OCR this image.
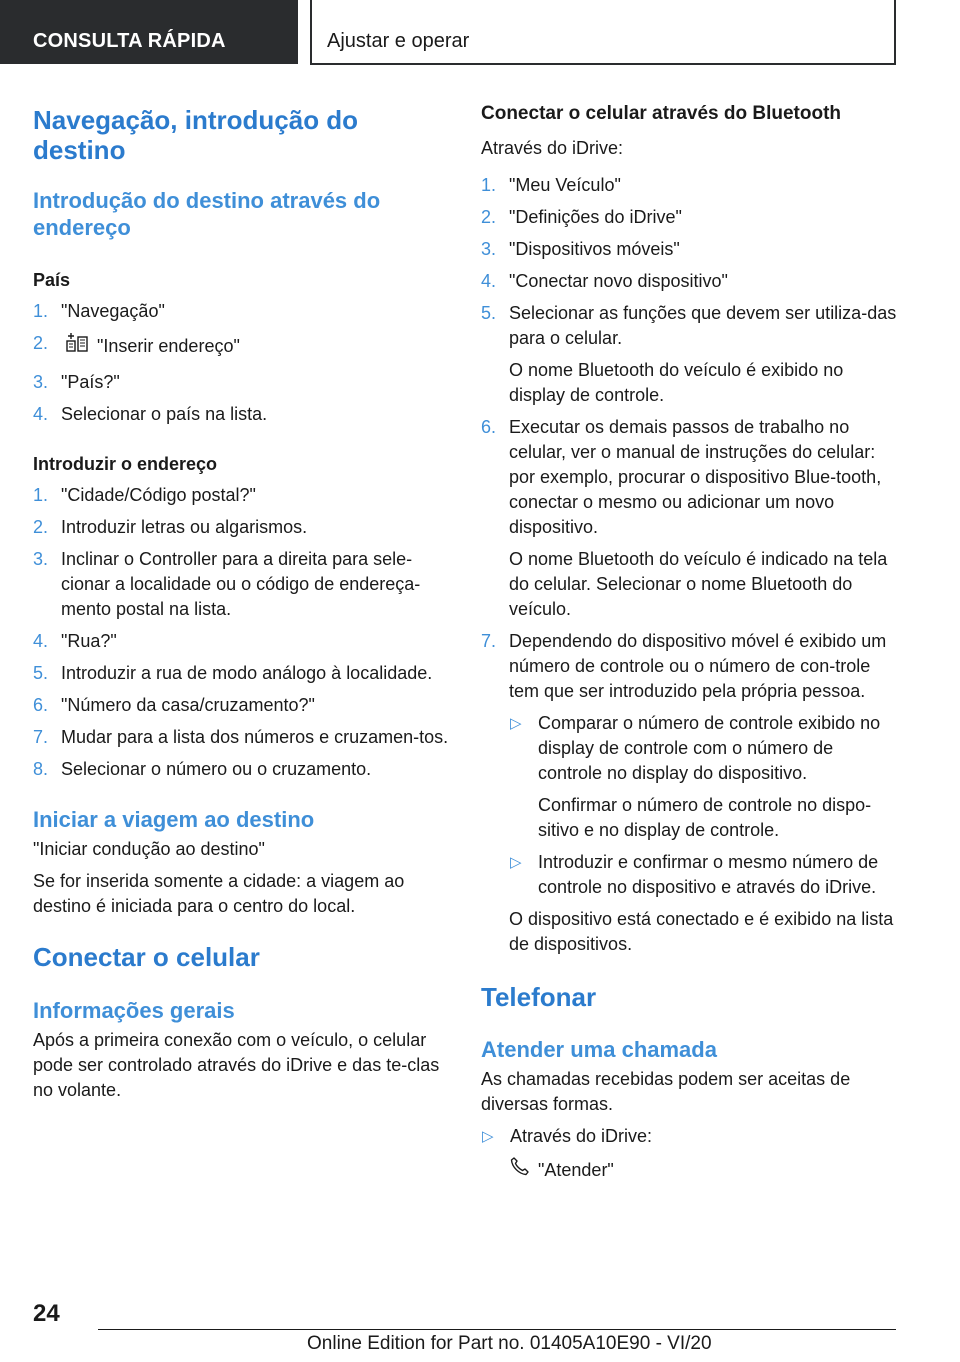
CONSULTA RÁPIDA	Ajustar e operar
Navegação, introdução do destino
Introdução do destino através do endereço
País
1. "Navegação"
2.	"Inserir endereço"
3. "País?"
4. Selecionar o país na lista.
Introduzir o endereço
1. "Cidade/Código postal?"
2. Introduzir letras ou algarismos.
3. Inclinar o Controller para a direita para sele-cionar a localidade ou o código de endereça-mento postal na lista.
4. "Rua?"
5. Introduzir a rua de modo análogo à localidade.
6. "Número da casa/cruzamento?"
7. Mudar para a lista dos números e cruzamen-tos.
8. Selecionar o número ou o cruzamento.
Iniciar a viagem ao destino

"Iniciar condução ao destino"

Se for inserida somente a cidade: a viagem ao destino é iniciada para o centro do local.

Conectar o celular
Informações gerais

Após a primeira conexão com o veículo, o celular pode ser controlado através do iDrive e das te-clas no volante.

Conectar o celular através do Bluetooth

Através do iDrive:

1. "Meu Veículo"
2. "Definições do iDrive"
3. "Dispositivos móveis"
4. "Conectar novo dispositivo"
5. Selecionar as funções que devem ser utiliza-das para o celular.
O nome Bluetooth do veículo é exibido no display de controle.
6. Executar os demais passos de trabalho no celular, ver o manual de instruções do celular: por exemplo, procurar o dispositivo Blue-tooth, conectar o mesmo ou adicionar um novo dispositivo.
O nome Bluetooth do veículo é indicado na tela do celular. Selecionar o nome Bluetooth do veículo.
7. Dependendo do dispositivo móvel é exibido um número de controle ou o número de con-trole tem que ser introduzido pela própria pessoa.
▷ Comparar o número de controle exibido no display de controle com o número de controle no display do dispositivo.
Confirmar o número de controle no dispo-sitivo e no display de controle.
▷ Introduzir e confirmar o mesmo número de controle no dispositivo e através do iDrive.
O dispositivo está conectado e é exibido na lista de dispositivos.
Telefonar
Atender uma chamada

As chamadas recebidas podem ser aceitas de diversas formas.

▷ Através do iDrive:
"Atender"
24
Online Edition for Part no. 01405A10E90 - VI/20
